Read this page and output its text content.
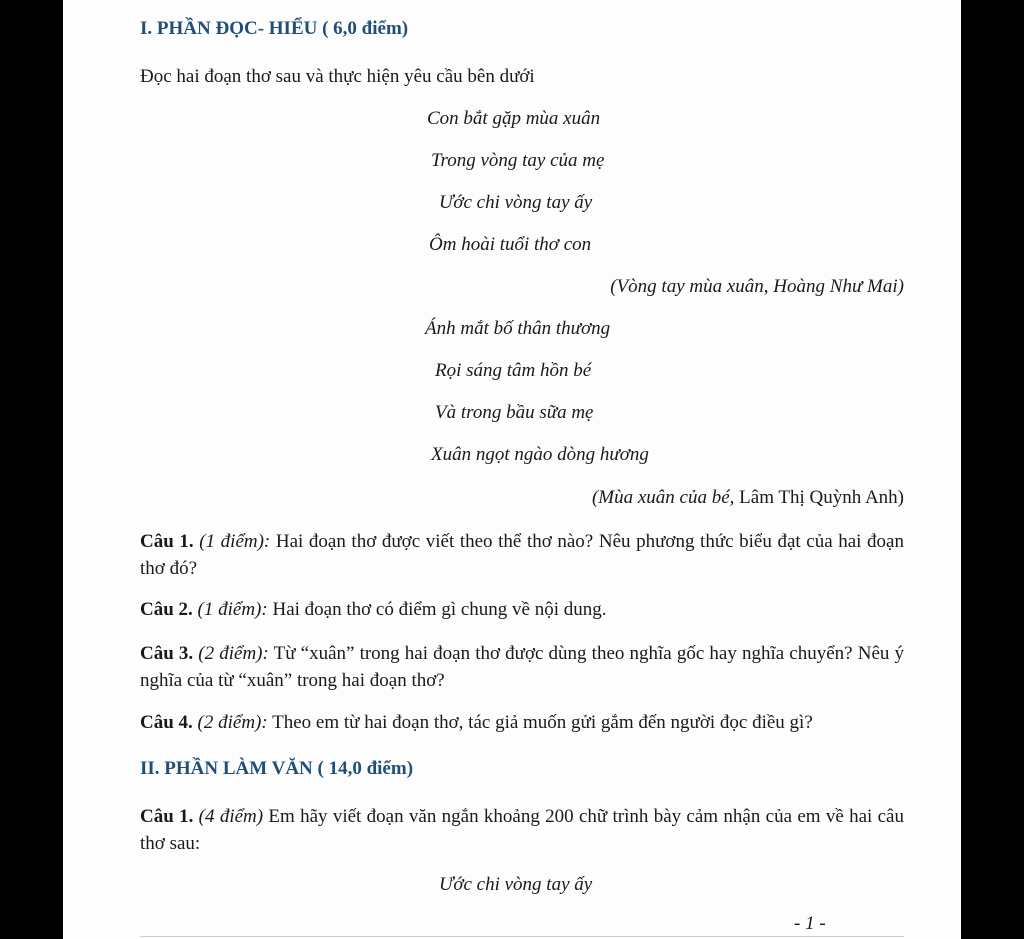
I. PHẦN ĐỌC- HIỂU ( 6,0 điểm)
Đọc hai đoạn thơ sau và thực hiện yêu cầu bên dưới
Con bắt gặp mùa xuân
Trong vòng tay của mẹ
Ước chi vòng tay ấy
Ôm hoài tuổi thơ con
(Vòng tay mùa xuân, Hoàng Như Mai)
Ánh mắt bố thân thương
Rọi sáng tâm hồn bé
Và trong bầu sữa mẹ
Xuân ngọt ngào dòng hương
(Mùa xuân của bé, Lâm Thị Quỳnh Anh)
Câu 1. (1 điểm): Hai đoạn thơ được viết theo thể thơ nào? Nêu phương thức biểu đạt của hai đoạn thơ đó?
Câu 2. (1 điểm): Hai đoạn thơ có điểm gì chung về nội dung.
Câu 3. (2 điểm): Từ “xuân” trong hai đoạn thơ được dùng theo nghĩa gốc hay nghĩa chuyển? Nêu ý nghĩa của từ “xuân” trong hai đoạn thơ?
Câu 4. (2 điểm): Theo em từ hai đoạn thơ, tác giả muốn gửi gắm đến người đọc điều gì?
II. PHẦN LÀM VĂN ( 14,0 điểm)
Câu 1. (4 điểm) Em hãy viết đoạn văn ngắn khoảng 200 chữ trình bày cảm nhận của em về hai câu thơ sau:
Ước chi vòng tay ấy
- 1 -
